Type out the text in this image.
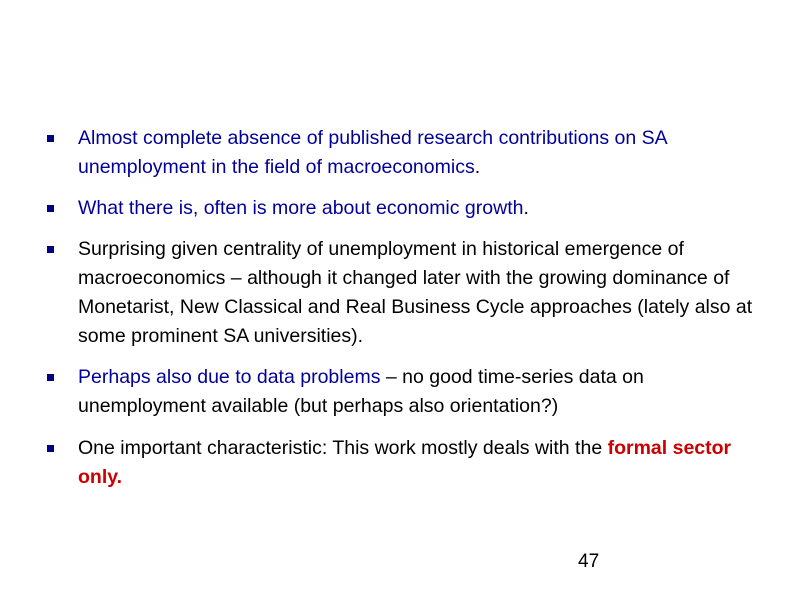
Almost complete absence of published research contributions on SA unemployment in the field of macroeconomics.
What there is, often is more about economic growth.
Surprising given centrality of unemployment in historical emergence of macroeconomics – although it changed later with the growing dominance of Monetarist, New Classical and Real Business Cycle approaches (lately also at some prominent SA universities).
Perhaps also due to data problems – no good time-series data on unemployment available (but perhaps also orientation?)
One important characteristic: This work mostly deals with the formal sector only.
47
